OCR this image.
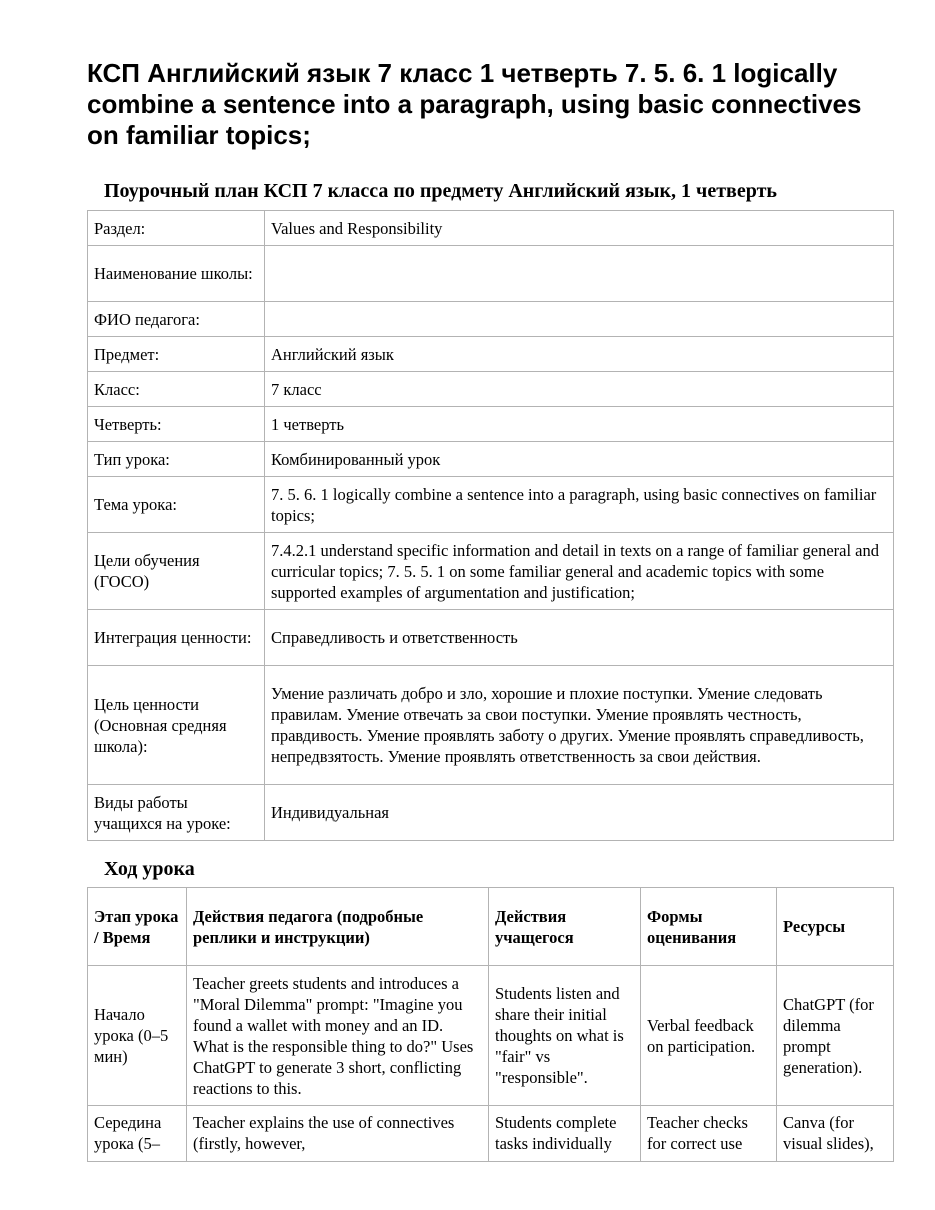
КСП Английский язык 7 класс 1 четверть 7. 5. 6. 1 logically combine a sentence into a paragraph, using basic connectives on familiar topics;
Поурочный план КСП 7 класса по предмету Английский язык, 1 четверть
Раздел:	Values and Responsibility
Наименование школы:	
ФИО педагога:	
Предмет:	Английский язык
Класс:	7 класс
Четверть:	1 четверть
Тип урока:	Комбинированный урок
Тема урока:	7. 5. 6. 1 logically combine a sentence into a paragraph, using basic connectives on familiar topics;
Цели обучения (ГОСО)	7.4.2.1 understand specific information and detail in texts on a range of familiar general and curricular topics; 7. 5. 5. 1 on some familiar general and academic topics with some supported examples of argumentation and justification;
Интеграция ценности:	Справедливость и ответственность
Цель ценности (Основная средняя школа):	Умение различать добро и зло, хорошие и плохие поступки. Умение следовать правилам. Умение отвечать за свои поступки. Умение проявлять честность, правдивость. Умение проявлять заботу о других. Умение проявлять справедливость, непредвзятость. Умение проявлять ответственность за свои действия.
Виды работы учащихся на уроке:	Индивидуальная
Ход урока
Этап урока / Время	Действия педагога (подробные реплики и инструкции)	Действия учащегося	Формы оценивания	Ресурсы
Начало урока (0–5 мин)	Teacher greets students and introduces a "Moral Dilemma" prompt: "Imagine you found a wallet with money and an ID. What is the responsible thing to do?" Uses ChatGPT to generate 3 short, conflicting reactions to this.	Students listen and share their initial thoughts on what is "fair" vs "responsible".	Verbal feedback on participation.	ChatGPT (for dilemma prompt generation).
Середина урока (5–	Teacher explains the use of connectives (firstly, however,	Students complete tasks individually	Teacher checks for correct use	Canva (for visual slides),
